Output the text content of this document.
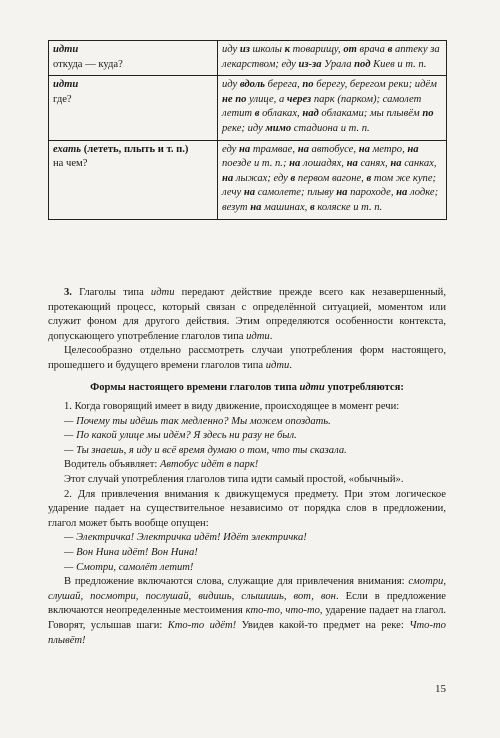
идти
откуда — куда?	иду из школы к товарищу, от врача в аптеку за лекарством; еду из-за Урала под Киев и т. п.
идти
где?	иду вдоль берега, по берегу, берегом реки; идём не по улице, а через парк (парком); самолет летит в облаках, над облаками; мы плывём по реке; иду мимо стадиона и т. п.
ехать (лететь, плыть и т. п.)
на чем?	еду на трамвае, на автобусе, на метро, на поезде и т. п.; на лошадях, на санях, на санках, на лыжах; еду в первом вагоне, в том же купе; лечу на самолете; плыву на пароходе, на лодке; везут на машинах, в коляске и т. п.

3. Глаголы типа идти передают действие прежде всего как незавершенный, протекающий процесс, который связан с определённой ситуацией, моментом или служит фоном для другого действия. Этим определяются особенности контекста, допускающего употребление глаголов типа идти.

Целесообразно отдельно рассмотреть случаи употребления форм настоящего, прошедшего и будущего времени глаголов типа идти.

Формы настоящего времени глаголов типа идти употребляются:

1. Когда говорящий имеет в виду движение, происходящее в момент речи:

— Почему ты идёшь так медленно? Мы можем опоздать.
— По какой улице мы идём? Я здесь ни разу не был.
— Ты знаешь, я иду и всё время думаю о том, что ты сказала.
Водитель объявляет: Автобус идёт в парк!

Этот случай употребления глаголов типа идти самый простой, «обычный».

2. Для привлечения внимания к движущемуся предмету. При этом логическое ударение падает на существительное независимо от порядка слов в предложении, глагол может быть вообще опущен:

— Электричка! Электричка идёт! Идёт электричка!
— Вон Нина идёт! Вон Нина!
— Смотри, самолёт летит!

В предложение включаются слова, служащие для привлечения внимания: смотри, слушай, посмотри, послушай, видишь, слышишь, вот, вон. Если в предложение включаются неопределенные местоимения кто-то, что-то, ударение падает на глагол. Говорят, услышав шаги: Кто-то идёт! Увидев какой-то предмет на реке: Что-то плывёт!

15
